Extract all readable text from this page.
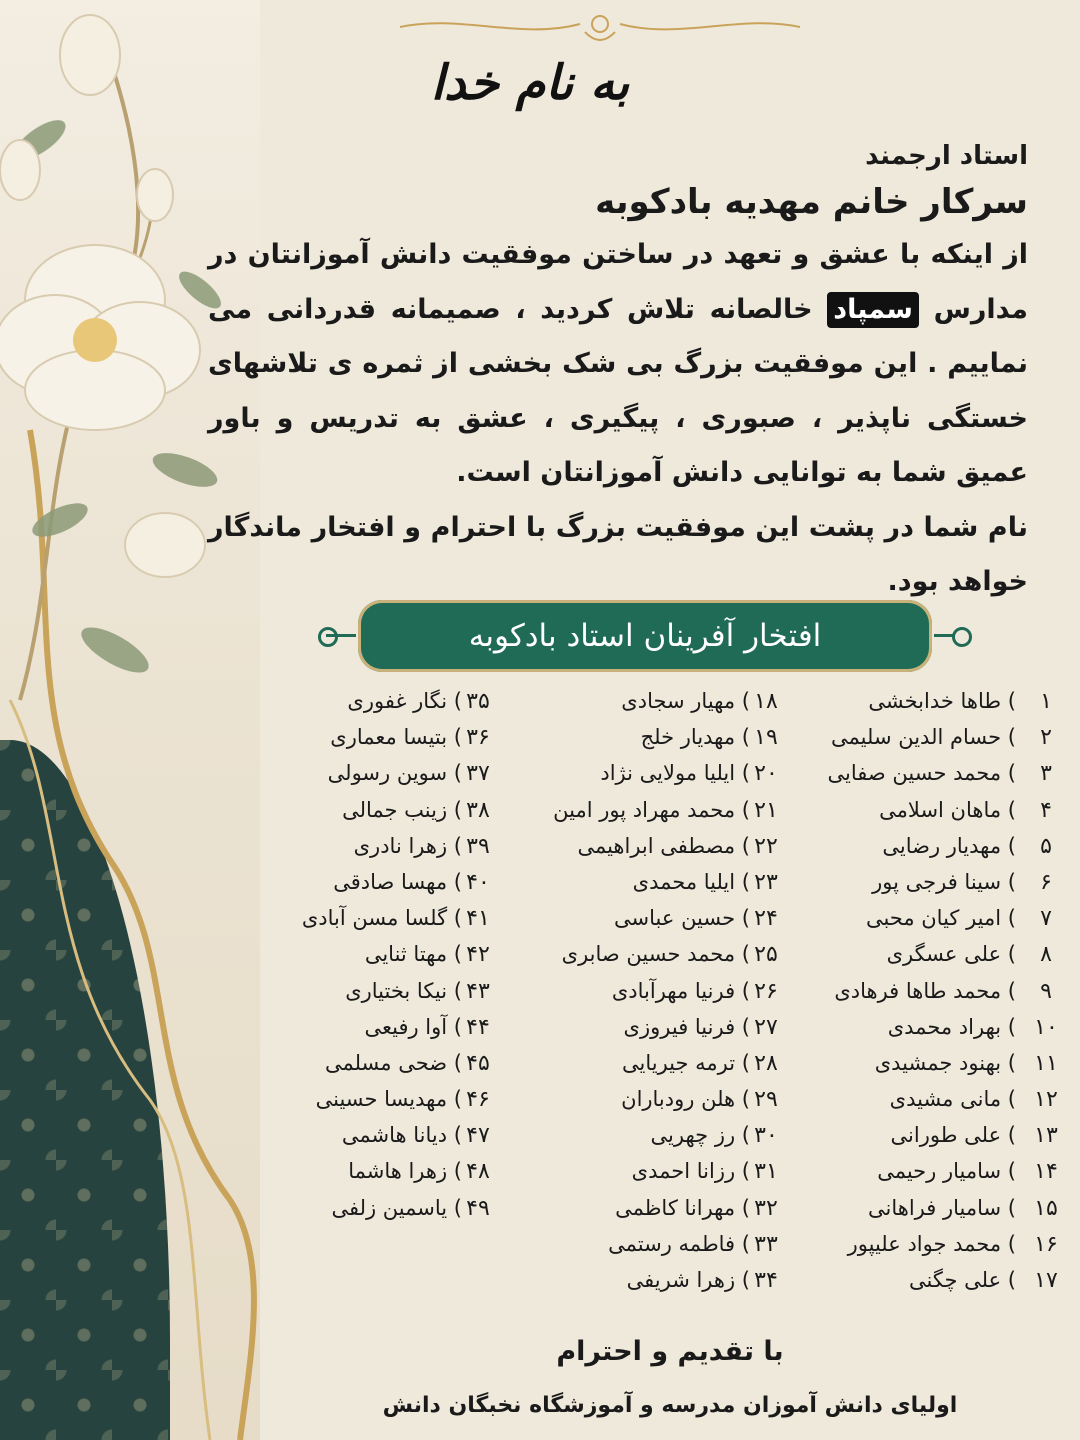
به نام خدا
استاد ارجمند
سرکار خانم مهدیه بادکوبه
از اینکه با عشق و تعهد در ساختن موفقیت دانش آموزانتان در مدارس سمپاد خالصانه تلاش کردید ، صمیمانه قدردانی می نماییم . این موفقیت بزرگ بی شک بخشی از ثمره ی تلاشهای خستگی ناپذیر ، صبوری ، پیگیری ، عشق به تدریس و باور عمیق شما به توانایی دانش آموزانتان است.
نام شما در پشت این موفقیت بزرگ با احترام و افتخار ماندگار خواهد بود.
افتخار آفرینان استاد بادکوبه
۱) طاها خدابخشی
۲) حسام الدین سلیمی
۳) محمد حسین صفایی
۴) ماهان اسلامی
۵) مهدیار رضایی
۶) سینا فرجی پور
۷) امیر کیان محبی
۸) علی عسگری
۹) محمد طاها فرهادی
۱۰) بهراد محمدی
۱۱) بهنود جمشیدی
۱۲) مانی مشیدی
۱۳) علی طورانی
۱۴) سامیار رحیمی
۱۵) سامیار فراهانی
۱۶) محمد جواد علیپور
۱۷) علی چگنی
۱۸) مهیار سجادی
۱۹) مهدیار خلج
۲۰) ایلیا مولایی نژاد
۲۱) محمد مهراد پور امین
۲۲) مصطفی ابراهیمی
۲۳) ایلیا محمدی
۲۴) حسین عباسی
۲۵) محمد حسین صابری
۲۶) فرنیا مهرآبادی
۲۷) فرنیا فیروزی
۲۸) ترمه جیریایی
۲۹) هلن رودباران
۳۰) رز چهریی
۳۱) رزانا احمدی
۳۲) مهرانا کاظمی
۳۳) فاطمه رستمی
۳۴) زهرا شریفی
۳۵) نگار غفوری
۳۶) بتیسا معماری
۳۷) سوین رسولی
۳۸) زینب جمالی
۳۹) زهرا نادری
۴۰) مهسا صادقی
۴۱) گلسا مسن آبادی
۴۲) مهتا ثنایی
۴۳) نیکا بختیاری
۴۴) آوا رفیعی
۴۵) ضحی مسلمی
۴۶) مهدیسا حسینی
۴۷) دیانا هاشمی
۴۸) زهرا هاشما
۴۹) یاسمین زلفی
با تقدیم و احترام
اولیای دانش آموزان مدرسه و آموزشگاه نخبگان دانش
